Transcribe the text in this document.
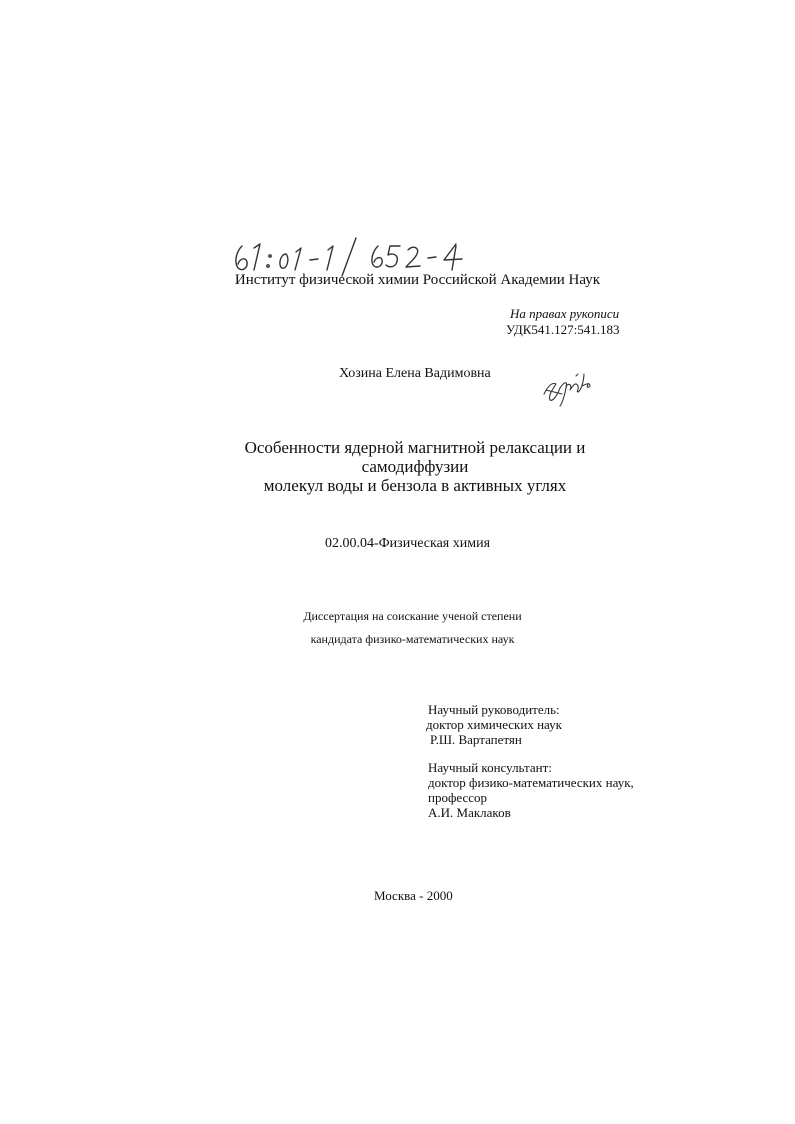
Институт физической химии Российской Академии Наук
На правах рукописи
УДК541.127:541.183
Хозина Елена Вадимовна
Особенности ядерной магнитной релаксации и
самодиффузии
молекул воды и бензола в активных углях
02.00.04-Физическая химия
Диссертация на соискание ученой степени
кандидата физико-математических наук
Научный руководитель:
доктор химических наук
Р.Ш. Вартапетян
Научный консультант:
доктор физико-математических наук,
профессор
А.И. Маклаков
Москва - 2000
